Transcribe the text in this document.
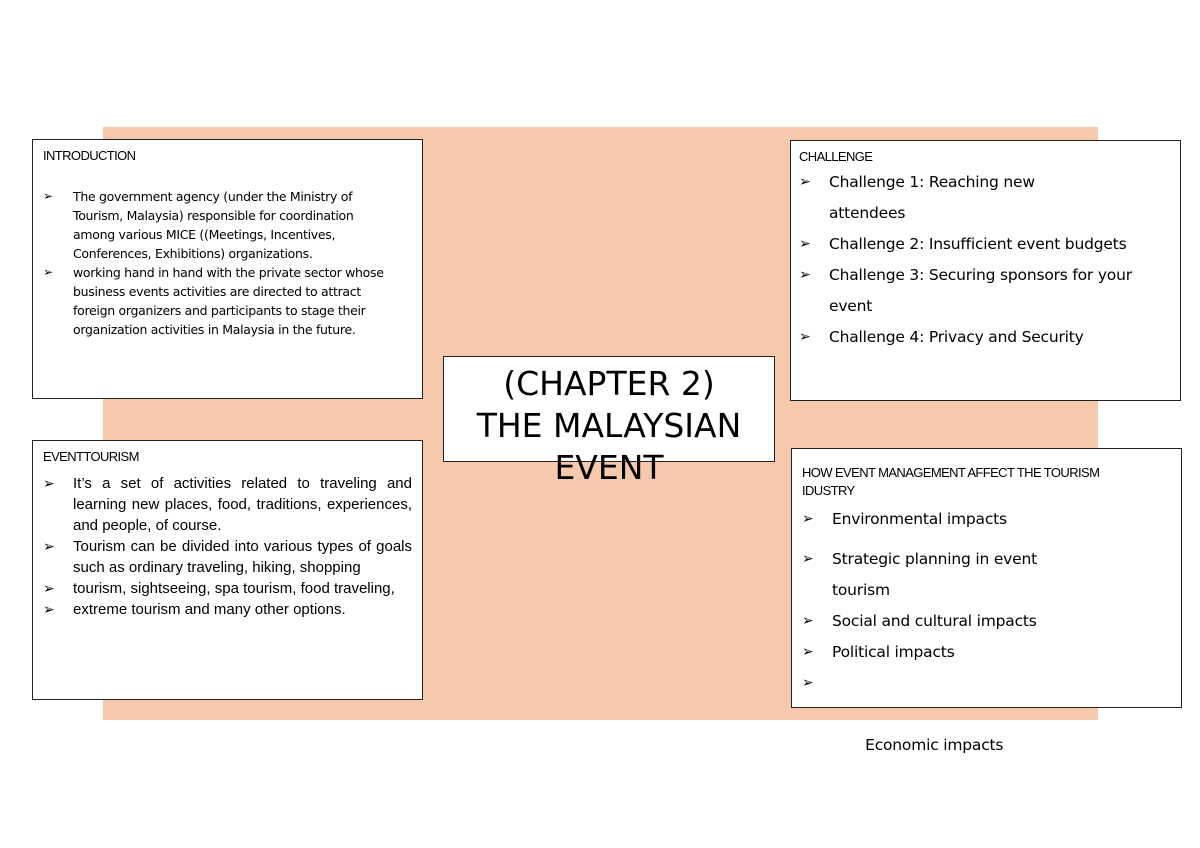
INTRODUCTION
➢ The government agency (under the Ministry of Tourism, Malaysia) responsible for coordination among various MICE ((Meetings, Incentives, Conferences, Exhibitions) organizations.
➢ working hand in hand with the private sector whose business events activities are directed to attract foreign organizers and participants to stage their organization activities in Malaysia in the future.
EVENTTOURISM
➢ It’s a set of activities related to traveling and learning new places, food, traditions, experiences, and people, of course.
➢ Tourism can be divided into various types of goals such as ordinary traveling, hiking, shopping
➢ tourism, sightseeing, spa tourism, food traveling,
➢ extreme tourism and many other options.
(CHAPTER 2)
THE MALAYSIAN
EVENT
CHALLENGE
➢ Challenge 1: Reaching new attendees
➢ Challenge 2: Insufficient event budgets
➢ Challenge 3: Securing sponsors for your event
➢ Challenge 4: Privacy and Security
HOW EVENT MANAGEMENT AFFECT THE TOURISM IDUSTRY
➢ Environmental impacts
➢ Strategic planning in event tourism
➢ Social and cultural impacts
➢ Political impacts

➢

Economic impacts
